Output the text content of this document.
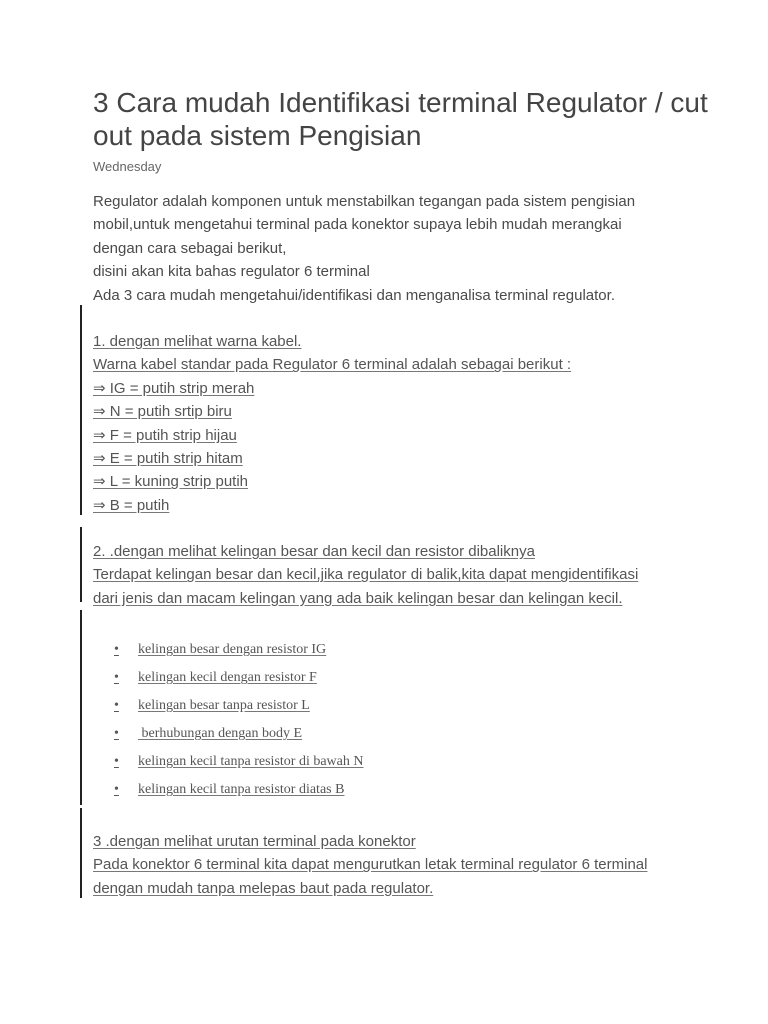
3 Cara mudah Identifikasi terminal Regulator / cut out pada sistem Pengisian
Wednesday
Regulator adalah komponen untuk menstabilkan tegangan pada sistem pengisian
mobil,untuk mengetahui terminal pada konektor supaya lebih mudah merangkai
dengan cara sebagai berikut,
disini akan kita bahas regulator 6 terminal
Ada 3 cara mudah mengetahui/identifikasi dan menganalisa terminal regulator.
1. dengan melihat warna kabel.
Warna kabel standar pada Regulator 6 terminal adalah sebagai berikut :
⇒ IG = putih strip merah
⇒ N = putih srtip biru
⇒ F = putih strip hijau
⇒ E = putih strip hitam
⇒ L = kuning strip putih
⇒ B = putih
2. .dengan melihat kelingan besar dan kecil dan resistor dibaliknya
Terdapat kelingan besar dan kecil,jika regulator di balik,kita dapat mengidentifikasi
dari jenis dan macam kelingan yang ada baik kelingan besar dan kelingan kecil.
• kelingan besar dengan resistor IG
• kelingan kecil dengan resistor F
• kelingan besar tanpa resistor L
• berhubungan dengan body E
• kelingan kecil tanpa resistor di bawah N
• kelingan kecil tanpa resistor diatas B
3 .dengan melihat urutan terminal pada konektor
Pada konektor 6 terminal kita dapat mengurutkan letak terminal regulator 6 terminal
dengan mudah tanpa melepas baut pada regulator.
